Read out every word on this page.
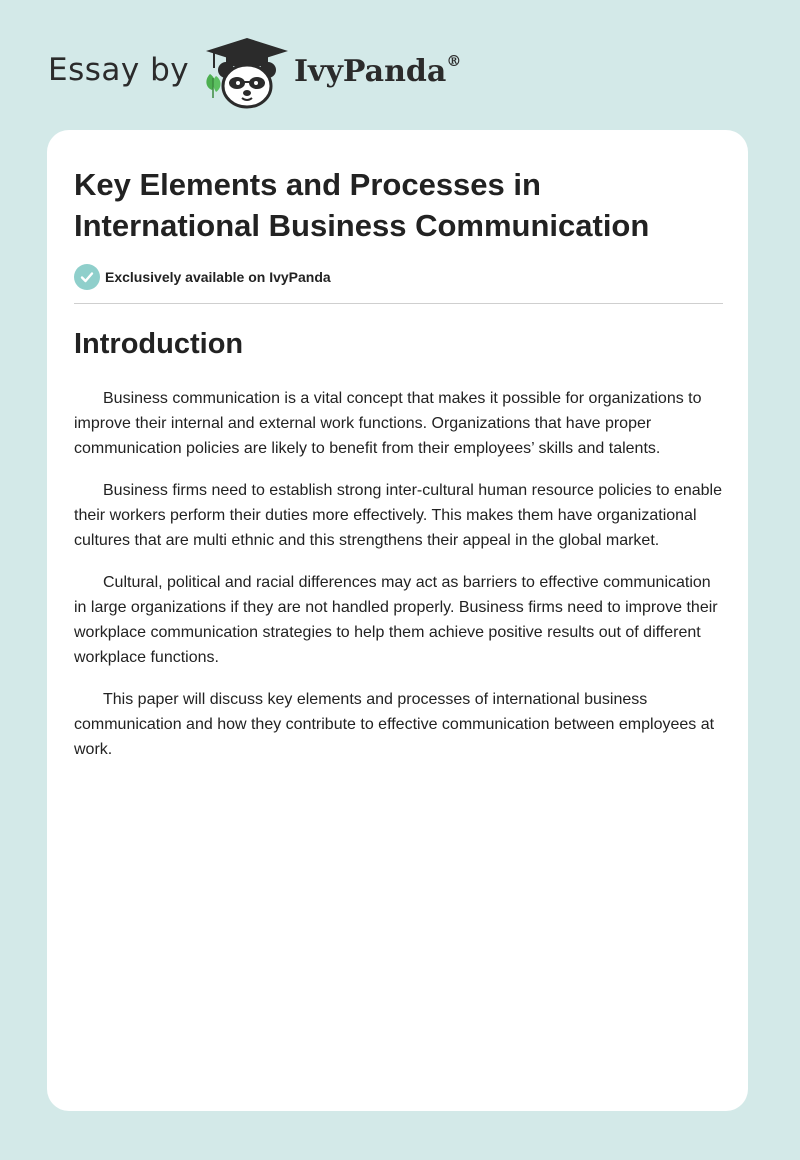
Essay by	IvyPanda®
Key Elements and Processes in International Business Communication
Exclusively available on IvyPanda
Introduction

Business communication is a vital concept that makes it possible for organizations to improve their internal and external work functions. Organizations that have proper communication policies are likely to benefit from their employees’ skills and talents.

Business firms need to establish strong inter-cultural human resource policies to enable their workers perform their duties more effectively. This makes them have organizational cultures that are multi ethnic and this strengthens their appeal in the global market.

Cultural, political and racial differences may act as barriers to effective communication in large organizations if they are not handled properly. Business firms need to improve their workplace communication strategies to help them achieve positive results out of different workplace functions.

This paper will discuss key elements and processes of international business communication and how they contribute to effective communication between employees at work.
